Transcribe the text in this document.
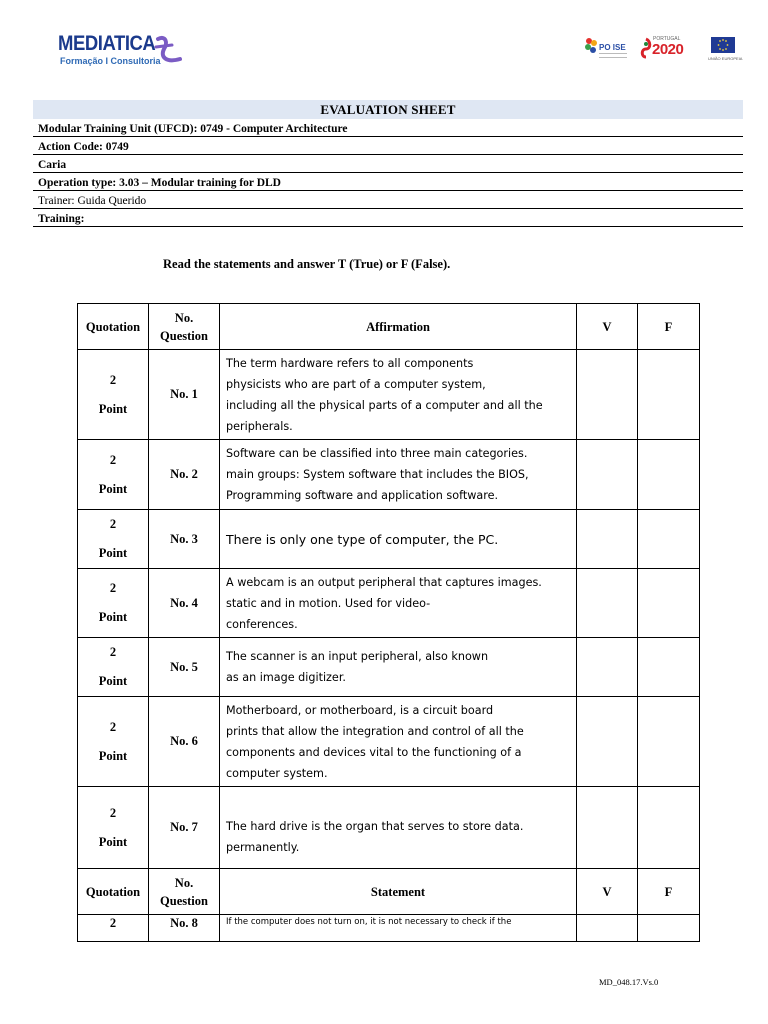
MEDIATICA
Formação I Consultoria
PO ISE
PORTUGAL
2020
UNIÃO EUROPEIA
EVALUATION SHEET
Modular Training Unit (UFCD): 0749 - Computer Architecture
Action Code: 0749
Caria
Operation type: 3.03 – Modular training for DLD
Trainer: Guida Querido
Training:
Read the statements and answer T (True) or F (False).
Quotation	No.
Question	Affirmation	V	F
2
Point	No. 1	The term hardware refers to all components
physicists who are part of a computer system,
including all the physical parts of a computer and all the
peripherals.		
2
Point	No. 2	Software can be classified into three main categories.
main groups: System software that includes the BIOS,
Programming software and application software.		
2
Point	No. 3	There is only one type of computer, the PC.		
2
Point	No. 4	A webcam is an output peripheral that captures images.
static and in motion. Used for video-
conferences.		
2
Point	No. 5	The scanner is an input peripheral, also known
as an image digitizer.		
2
Point	No. 6	Motherboard, or motherboard, is a circuit board
prints that allow the integration and control of all the
components and devices vital to the functioning of a
computer system.		
2
Point	No. 7	The hard drive is the organ that serves to store data.
permanently.		
Quotation	No.
Question	Statement	V	F
2	No. 8	If the computer does not turn on, it is not necessary to check if the		
MD_048.17.Vs.0
